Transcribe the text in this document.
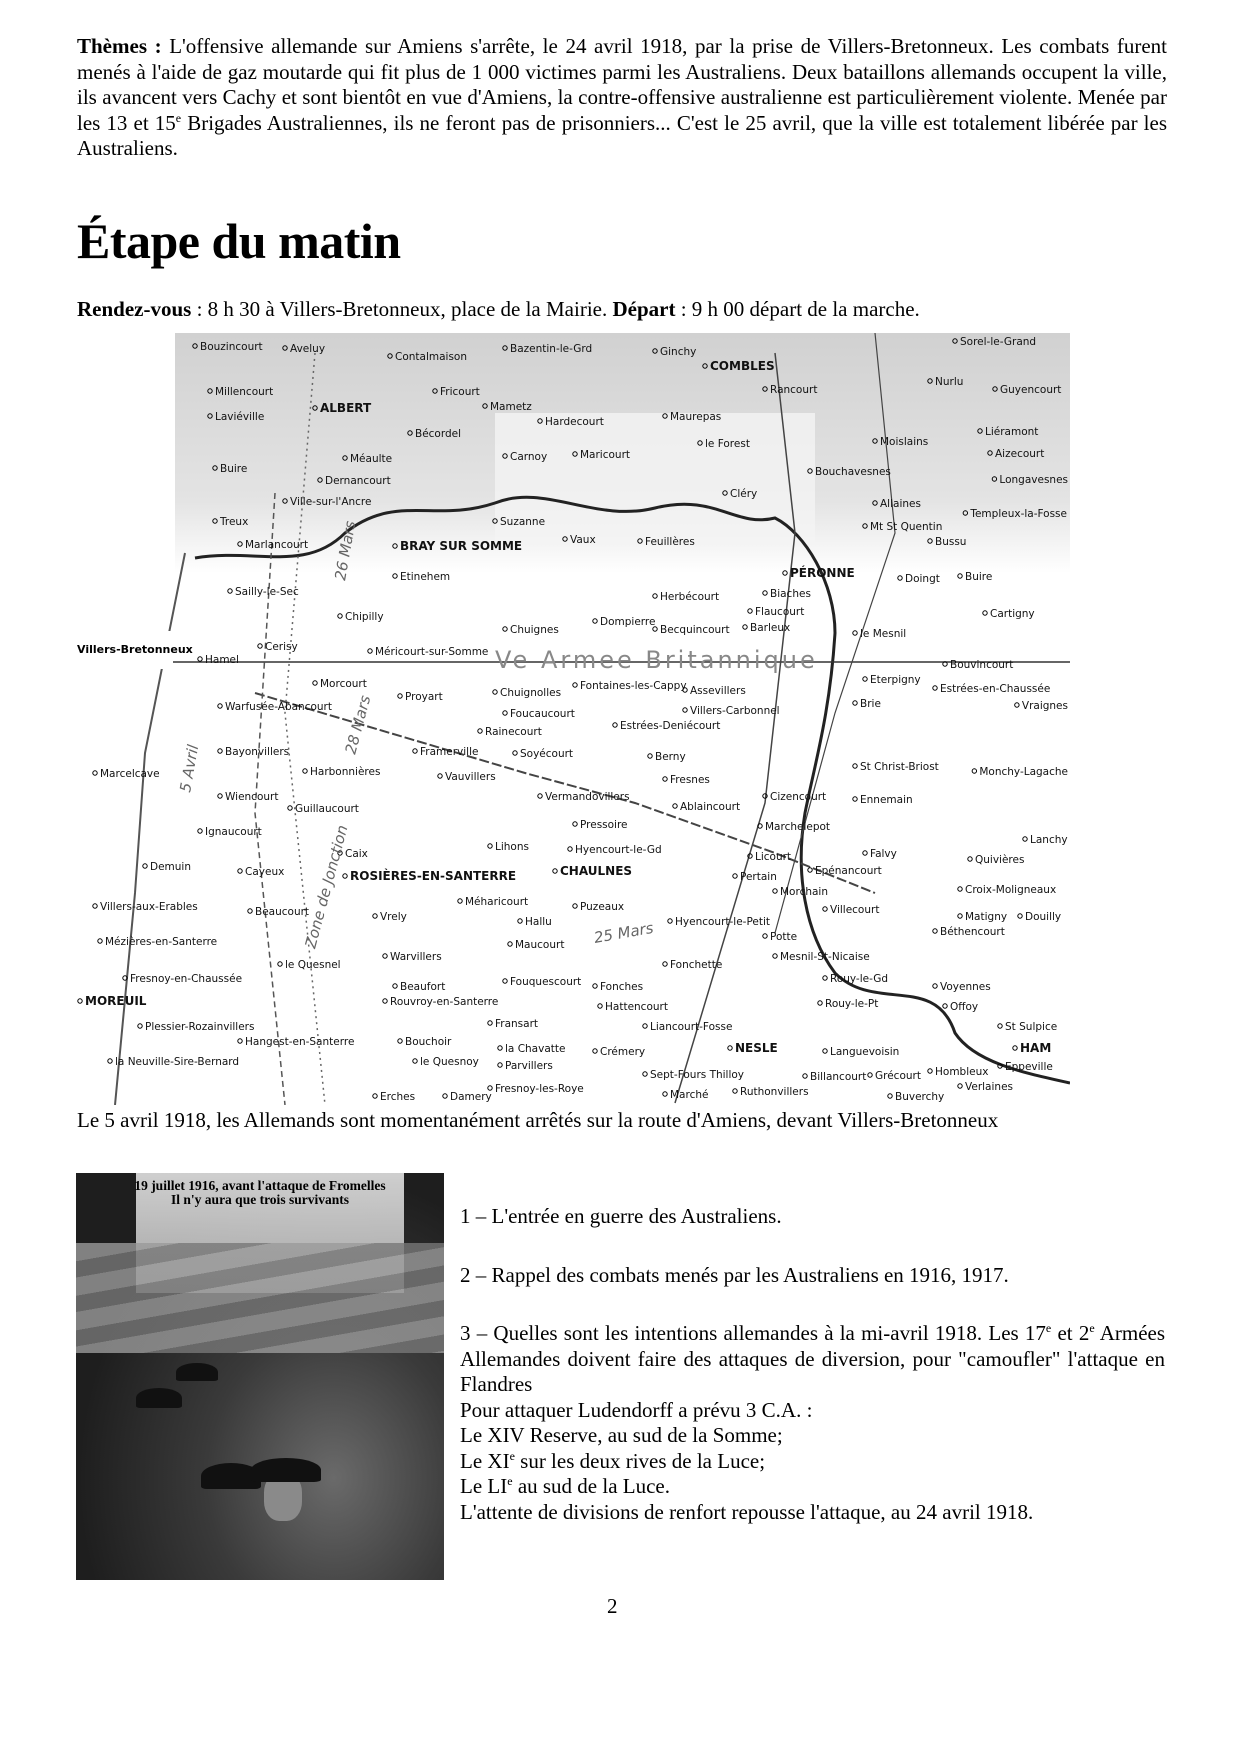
Thèmes : L'offensive allemande sur Amiens s'arrête, le 24 avril 1918, par la prise de Villers-Bretonneux. Les combats furent menés à l'aide de gaz moutarde qui fit plus de 1 000 victimes parmi les Australiens. Deux bataillons allemands occupent la ville, ils avancent vers Cachy et sont bientôt en vue d'Amiens, la contre-offensive australienne est particulièrement violente. Menée par les 13 et 15e Brigades Australiennes, ils ne feront pas de prisonniers... C'est le 25 avril, que la ville est totalement libérée par les Australiens.
Étape du matin
Rendez-vous : 8 h 30 à Villers-Bretonneux, place de la Mairie. Départ : 9 h 00 départ de la marche.
Villers-Bretonneux	Ve Armee Britannique
Bouzincourt	Aveluy
Contalmaison
Bazentin-le-Grd	Ginchy
COMBLES
Sorel-le-Grand
Millencourt	Fricourt
Nurlu
Guyencourt
Laviéville
ALBERT	Mametz
Hardecourt	Maurepas
Rancourt
Liéramont
Bécordel
Méaulte	Carnoy	Maricourt
le Forest	Moislains
Aizecourt
Buire
Dernancourt
Bouchavesnes
Longavesnes
Ville-sur-l'Ancre
Cléry
Allaines
Templeux-la-Fosse
Treux	Suzanne
Vaux	Feuillères
Mt St Quentin
Bussu
Marlancourt	BRAY SUR SOMME
Etinehem	PÉRONNE	Doingt Buire
Sailly-le-Sec	Herbécourt	Biaches
Flaucourt	Cartigny
Chipilly
Chuignes
Dompierre
Becquincourt Barleux	le Mesnil
Cerisy	Méricourt-sur-Somme
Chuignolles
Fontaines-les-Cappy Assevillers
Bouvincourt
Hamel
Morcourt
Proyart
Villers-Carbonnel
Eterpigny
Estrées-en-Chaussée
Vraignes
Warfusée-Abancourt
Foucaucourt
Estrées-Deniécourt
Brie
Rainecourt
Bayonvillers	Framerville	Soyécourt	Berny
Monchy-Lagache
Marcelcave	Harbonnières	Vauvillers	Fresnes
St Christ-Briost
Wiencourt
Guillaucourt
Vermandovillers
Ablaincourt
Cizencourt	Ennemain
Marchelepot
Pressoire
Lanchy
Ignaucourt
Lihons	Hyencourt-le-Gd
Licourt	Falvy	Quivières
Caix
Demuin	Cayeux	ROSIÈRES-EN-SANTERRE	CHAULNES	Pertain	Epénancourt
Morchain	Croix-Moligneaux
Villers-aux-Erables	Beaucourt
Méharicourt
Vrely	Hallu
Puzeaux	Villecourt
Matigny Douilly
Mézières-en-Santerre	Maucourt
Hyencourt-le-Petit
Potte	Béthencourt
Warvillers
le Quesnel	Fonchette
Mesnil-St-Nicaise
Rouy-le-Gd
Fresnoy-en-Chaussée
Beaufort	Fouquescourt Fonches
Rouvroy-en-Santerre	Hattencourt	Rouy-le-Pt
Voyennes
Offoy
MOREUIL
Plessier-Rozainvillers	Fransart	Liancourt-Fosse	St Sulpice
Hangest-en-Santerre	Bouchoir
la Chavatte
Parvillers
Crémery	NESLE	HAM
la Neuville-Sire-Bernard	le Quesnoy
Languevoisin
Hombleux Eppeville
Fresnoy-les-Roye
Sept-Fours Thilloy	Billancourt
Buverchy
Verlaines
Erches	Damery	Marché	Ruthonvillers
Grécourt
26 Mars
28 Mars
5 Avril
25 Mars
Zone de Jonction
Le 5 avril 1918, les Allemands sont momentanément arrêtés sur la route d'Amiens, devant Villers-Bretonneux
19 juillet 1916, avant l'attaque de Fromelles
Il n'y aura que trois survivants

1 – L'entrée en guerre des Australiens.

2 – Rappel des combats menés par les Australiens en 1916, 1917.

3 – Quelles sont les intentions allemandes à la mi-avril 1918. Les 17e et 2e Armées Allemandes doivent faire des attaques de diversion, pour "camoufler" l'attaque en Flandres

Pour attaquer Ludendorff a prévu 3 C.A. :
Le XIV Reserve, au sud de la Somme;
Le XIe sur les deux rives de la Luce;
Le LIe au sud de la Luce.
L'attente de divisions de renfort repousse l'attaque, au 24 avril 1918.
2
